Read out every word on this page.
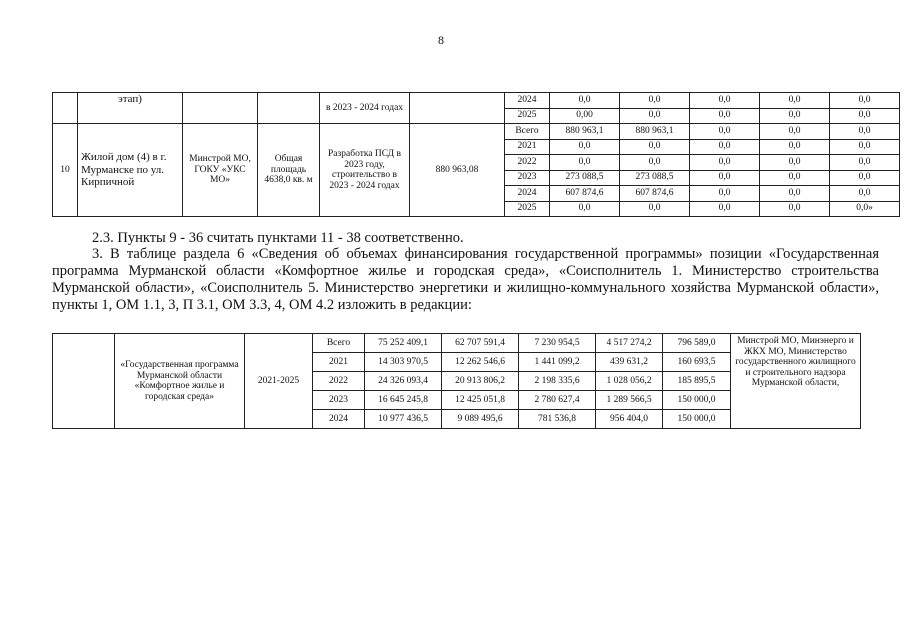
8
	этап)			в 2023 - 2024 годах		2024	0,0	0,0	0,0	0,0	0,0
						2025	0,00	0,0	0,0	0,0	0,0
10	Жилой дом (4) в г. Мурманске по ул. Кирпичной	Минстрой МО, ГОКУ «УКС МО»	Общая площадь 4638,0 кв. м	Разработка ПСД в 2023 году, строительство в 2023 - 2024 годах	880 963,08	Всего	880 963,1	880 963,1	0,0	0,0	0,0
						2021	0,0	0,0	0,0	0,0	0,0
						2022	0,0	0,0	0,0	0,0	0,0
						2023	273 088,5	273 088,5	0,0	0,0	0,0
						2024	607 874,6	607 874,6	0,0	0,0	0,0
						2025	0,0	0,0	0,0	0,0	0,0»
2.3. Пункты 9 - 36 считать пунктами 11 - 38 соответственно.
3. В таблице раздела 6 «Сведения об объемах финансирования государственной программы» позиции «Государственная программа Мурманской области «Комфортное жилье и городская среда», «Соисполнитель 1. Министерство строительства Мурманской области», «Соисполнитель 5. Министерство энергетики и жилищно-коммунального хозяйства Мурманской области», пункты 1, ОМ 1.1, 3, П 3.1, ОМ 3.3, 4, ОМ 4.2 изложить в редакции:
	«Государственная программа Мурманской области «Комфортное жилье и городская среда»	2021-2025	Всего	75 252 409,1	62 707 591,4	7 230 954,5	4 517 274,2	796 589,0	Минстрой МО, Минэнерго и ЖКХ МО, Министерство государственного жилищного и строительного надзора Мурманской области,
			2021	14 303 970,5	12 262 546,6	1 441 099,2	439 631,2	160 693,5	
			2022	24 326 093,4	20 913 806,2	2 198 335,6	1 028 056,2	185 895,5	
			2023	16 645 245,8	12 425 051,8	2 780 627,4	1 289 566,5	150 000,0	
			2024	10 977 436,5	9 089 495,6	781 536,8	956 404,0	150 000,0	
